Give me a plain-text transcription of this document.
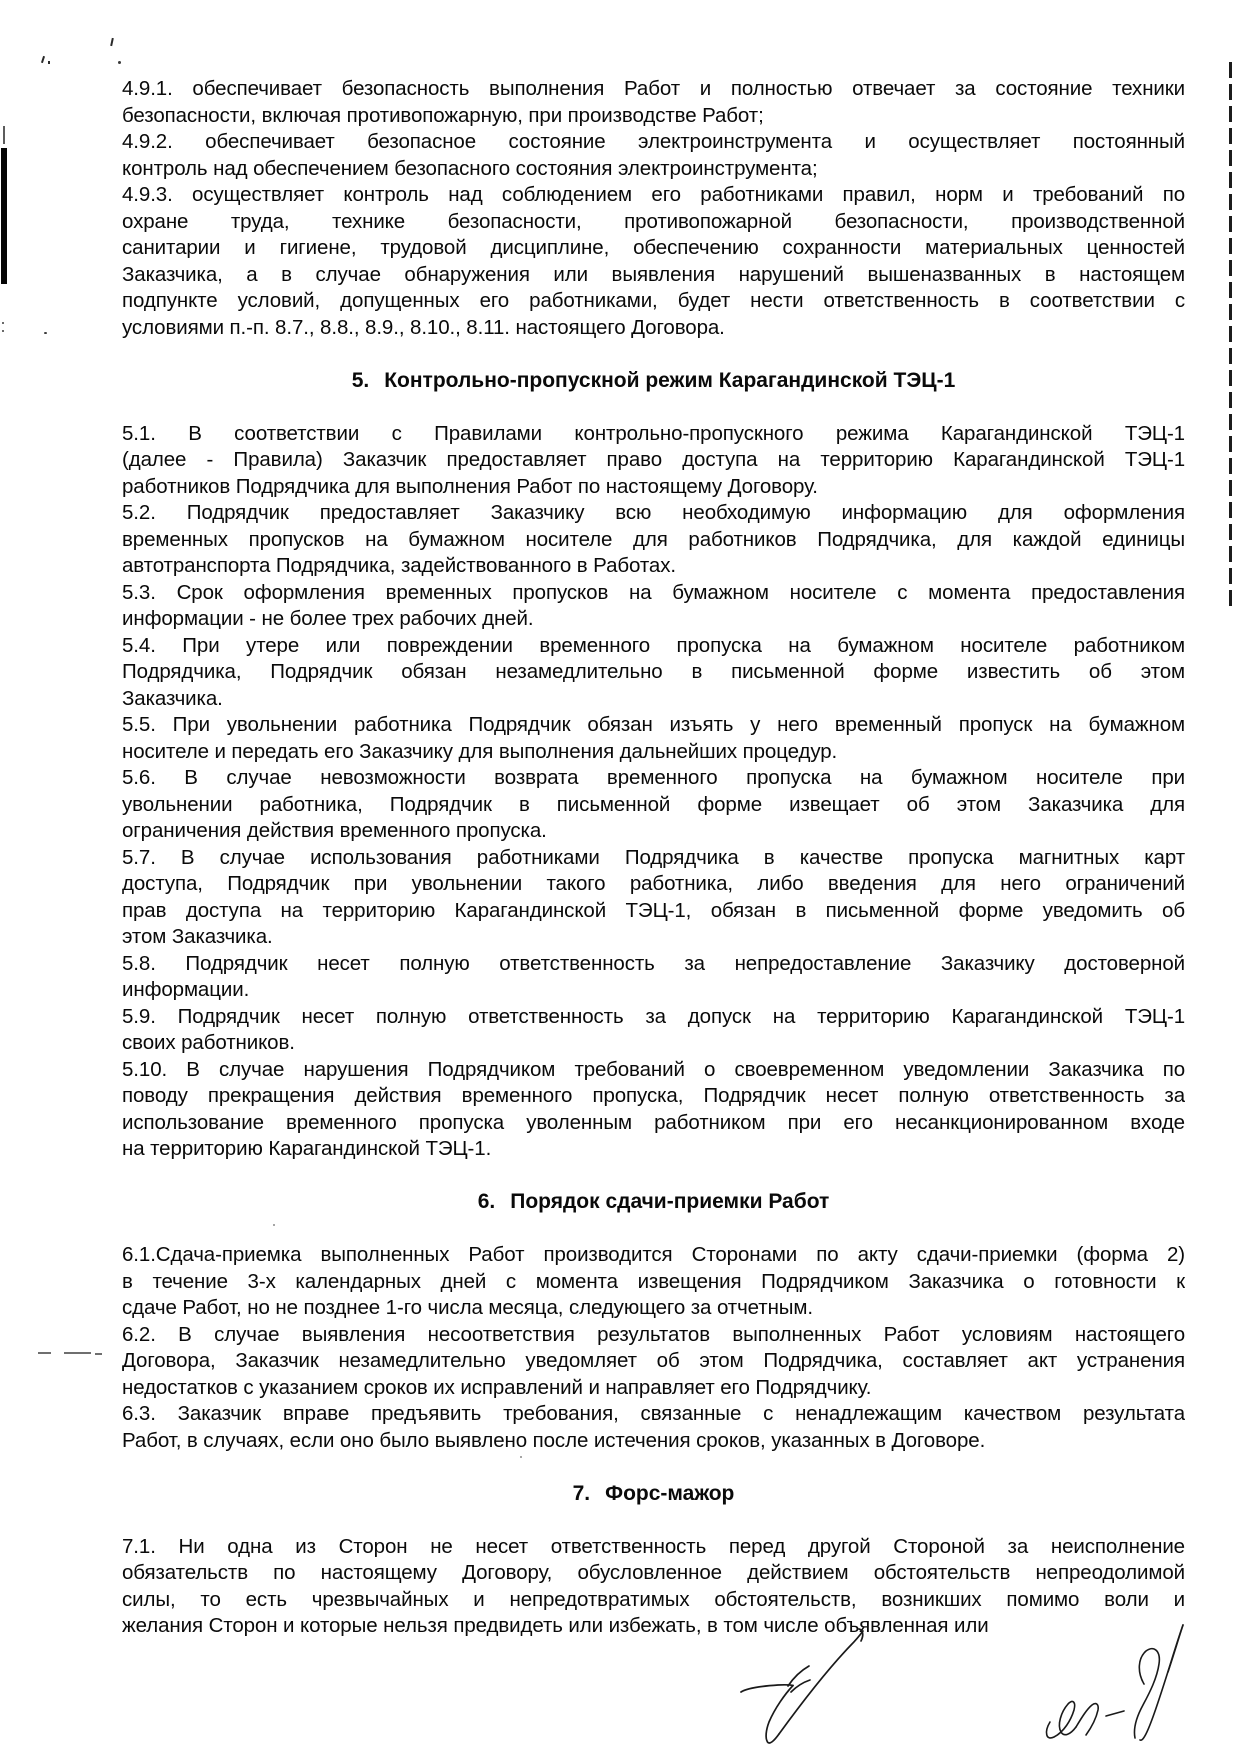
4.9.1. обеспечивает безопасность выполнения Работ и полностью отвечает за состояние техники
безопасности, включая противопожарную, при производстве Работ;
4.9.2. обеспечивает безопасное состояние электроинструмента и осуществляет постоянный
контроль над обеспечением безопасного состояния электроинструмента;
4.9.3. осуществляет контроль над соблюдением его работниками правил, норм и требований по
охране труда, технике безопасности, противопожарной безопасности, производственной
санитарии и гигиене, трудовой дисциплине, обеспечению сохранности материальных ценностей
Заказчика, а в случае обнаружения или выявления нарушений вышеназванных в настоящем
подпункте условий, допущенных его работниками, будет нести ответственность в соответствии с
условиями п.-п. 8.7., 8.8., 8.9., 8.10., 8.11. настоящего Договора.
5. Контрольно-пропускной режим Карагандинской ТЭЦ-1
5.1. В соответствии с Правилами контрольно-пропускного режима Карагандинской ТЭЦ-1
(далее - Правила) Заказчик предоставляет право доступа на территорию Карагандинской ТЭЦ-1
работников Подрядчика для выполнения Работ по настоящему Договору.
5.2. Подрядчик предоставляет Заказчику всю необходимую информацию для оформления
временных пропусков на бумажном носителе для работников Подрядчика, для каждой единицы
автотранспорта Подрядчика, задействованного в Работах.
5.3. Срок оформления временных пропусков на бумажном носителе с момента предоставления
информации - не более трех рабочих дней.
5.4. При утере или повреждении временного пропуска на бумажном носителе работником
Подрядчика, Подрядчик обязан незамедлительно в письменной форме известить об этом
Заказчика.
5.5. При увольнении работника Подрядчик обязан изъять у него временный пропуск на бумажном
носителе и передать его Заказчику для выполнения дальнейших процедур.
5.6. В случае невозможности возврата временного пропуска на бумажном носителе при
увольнении работника, Подрядчик в письменной форме извещает об этом Заказчика для
ограничения действия временного пропуска.
5.7. В случае использования работниками Подрядчика в качестве пропуска магнитных карт
доступа, Подрядчик при увольнении такого работника, либо введения для него ограничений
прав доступа на территорию Карагандинской ТЭЦ-1, обязан в письменной форме уведомить об
этом Заказчика.
5.8. Подрядчик несет полную ответственность за непредоставление Заказчику достоверной
информации.
5.9. Подрядчик несет полную ответственность за допуск на территорию Карагандинской ТЭЦ-1
своих работников.
5.10. В случае нарушения Подрядчиком требований о своевременном уведомлении Заказчика по
поводу прекращения действия временного пропуска, Подрядчик несет полную ответственность за
использование временного пропуска уволенным работником при его несанкционированном входе
на территорию Карагандинской ТЭЦ-1.
6. Порядок сдачи-приемки Работ
6.1.Сдача-приемка выполненных Работ производится Сторонами по акту сдачи-приемки (форма 2)
в течение 3-х календарных дней с момента извещения Подрядчиком Заказчика о готовности к
сдаче Работ, но не позднее 1-го числа месяца, следующего за отчетным.
6.2. В случае выявления несоответствия результатов выполненных Работ условиям настоящего
Договора, Заказчик незамедлительно уведомляет об этом Подрядчика, составляет акт устранения
недостатков с указанием сроков их исправлений и направляет его Подрядчику.
6.3. Заказчик вправе предъявить требования, связанные с ненадлежащим качеством результата
Работ, в случаях, если оно было выявлено после истечения сроков, указанных в Договоре.
7. Форс-мажор
7.1. Ни одна из Сторон не несет ответственность перед другой Стороной за неисполнение
обязательств по настоящему Договору, обусловленное действием обстоятельств непреодолимой
силы, то есть чрезвычайных и непредотвратимых обстоятельств, возникших помимо воли и
желания Сторон и которые нельзя предвидеть или избежать, в том числе объявленная или
